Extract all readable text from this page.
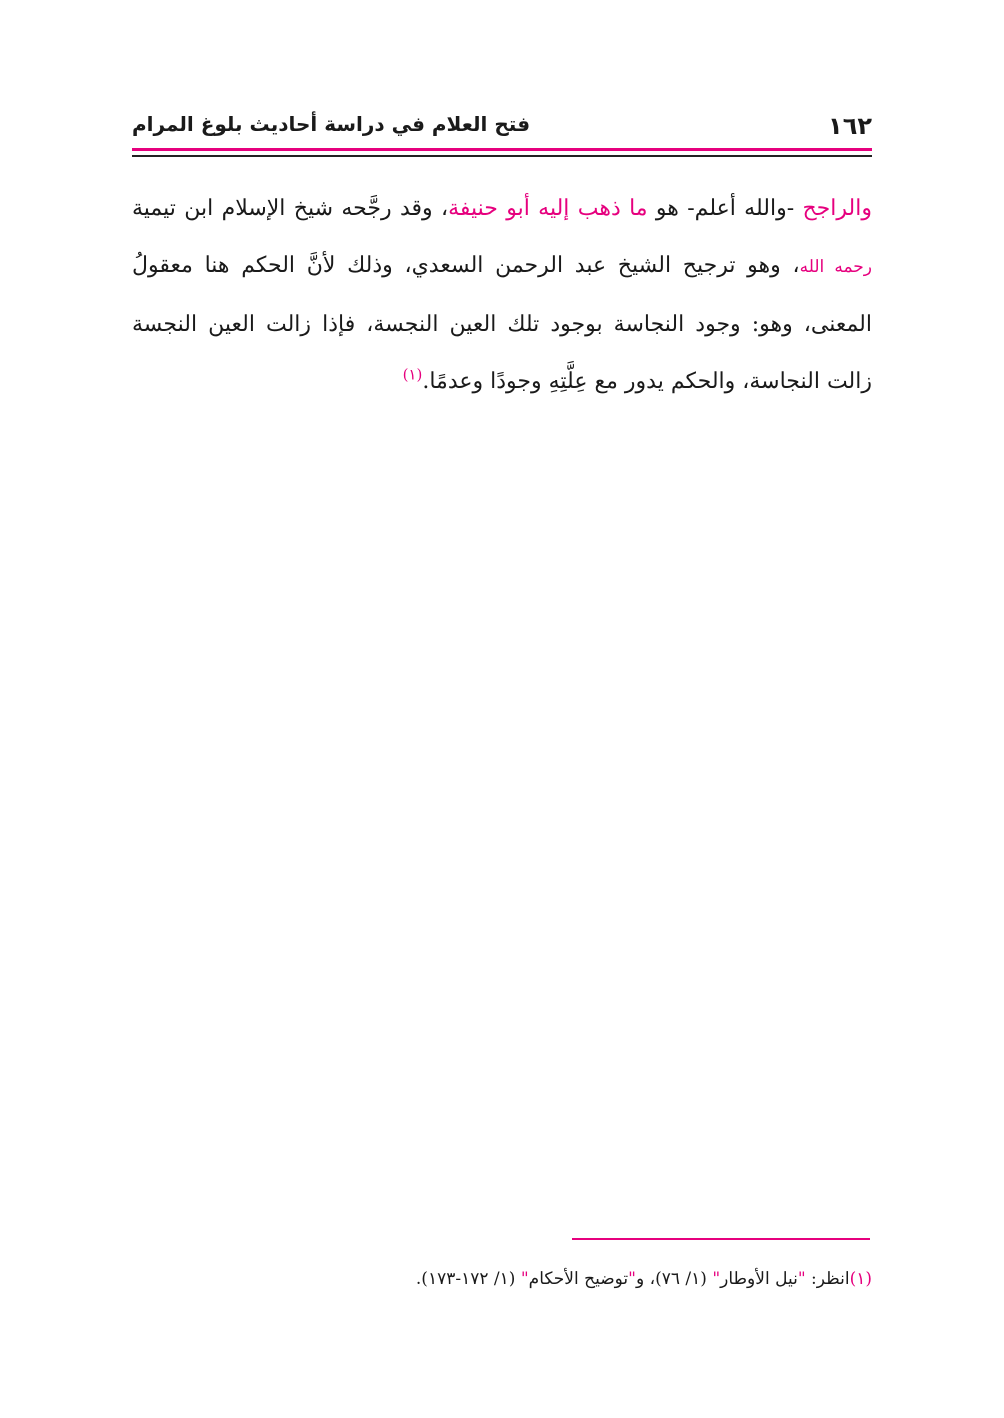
١٦٢
فتح العلام في دراسة أحاديث بلوغ المرام
والراجح -والله أعلم- هو ما ذهب إليه أبو حنيفة، وقد رجَّحه شيخ الإسلام ابن تيمية رحمه الله، وهو ترجيح الشيخ عبد الرحمن السعدي، وذلك لأنَّ الحكم هنا معقولُ المعنى، وهو: وجود النجاسة بوجود تلك العين النجسة، فإذا زالت العين النجسة زالت النجاسة، والحكم يدور مع عِلَّتِهِ وجودًا وعدمًا.$^{(١)}$
(١)انظر: "نيل الأوطار" (١/ ٧٦)، و"توضيح الأحكام" (١/ ١٧٢-١٧٣).
